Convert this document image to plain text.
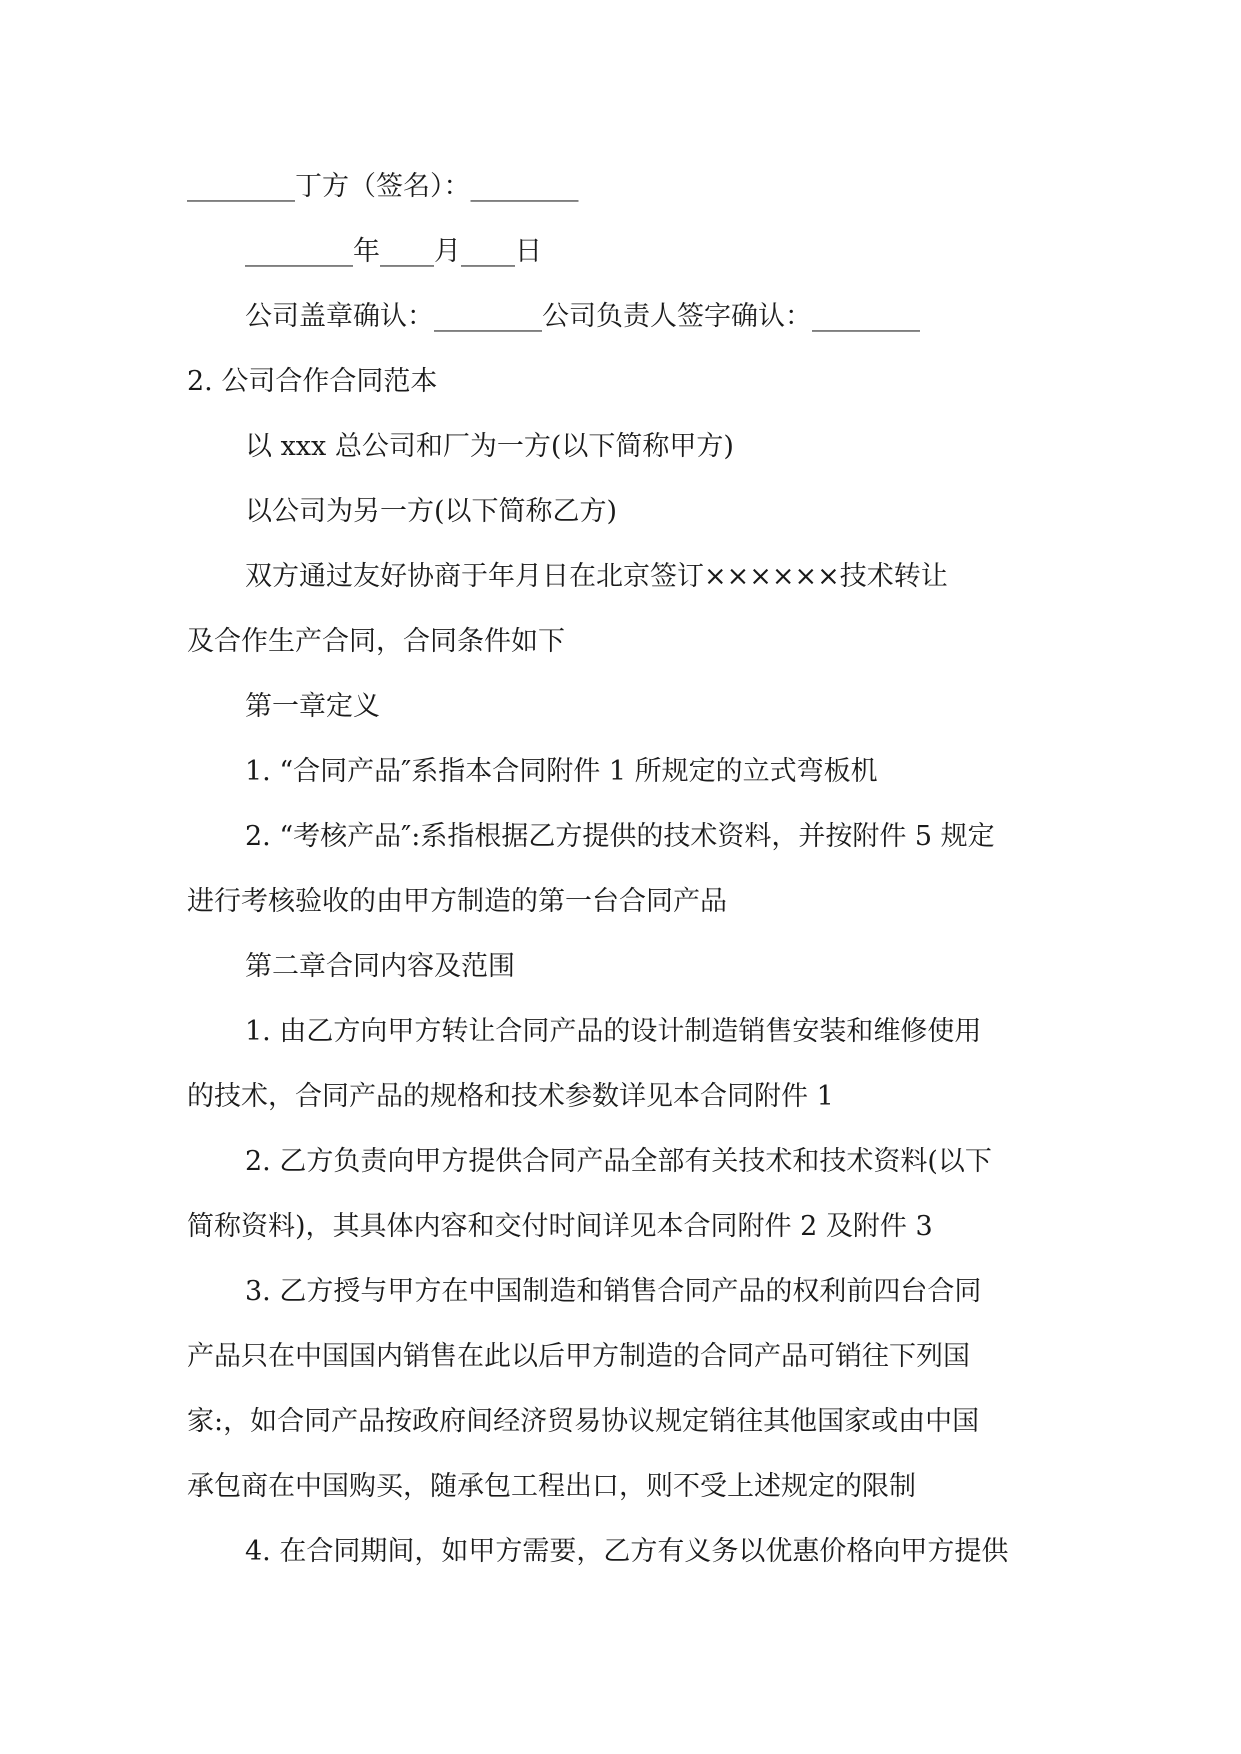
________丁方（签名）：________

________年____月____日

公司盖章确认：________公司负责人签字确认：________

2. 公司合作合同范本

以 xxx 总公司和厂为一方(以下简称甲方)

以公司为另一方(以下简称乙方)

双方通过友好协商于年月日在北京签订××××××技术转让

及合作生产合同，合同条件如下

第一章定义

1. “合同产品″系指本合同附件 1 所规定的立式弯板机

2. “考核产品″:系指根据乙方提供的技术资料，并按附件 5 规定

进行考核验收的由甲方制造的第一台合同产品

第二章合同内容及范围

1. 由乙方向甲方转让合同产品的设计制造销售安装和维修使用

的技术，合同产品的规格和技术参数详见本合同附件 1

2. 乙方负责向甲方提供合同产品全部有关技术和技术资料(以下

简称资料)，其具体内容和交付时间详见本合同附件 2 及附件 3

3. 乙方授与甲方在中国制造和销售合同产品的权利前四台合同

产品只在中国国内销售在此以后甲方制造的合同产品可销往下列国

家:，如合同产品按政府间经济贸易协议规定销往其他国家或由中国

承包商在中国购买，随承包工程出口，则不受上述规定的限制

4. 在合同期间，如甲方需要，乙方有义务以优惠价格向甲方提供
